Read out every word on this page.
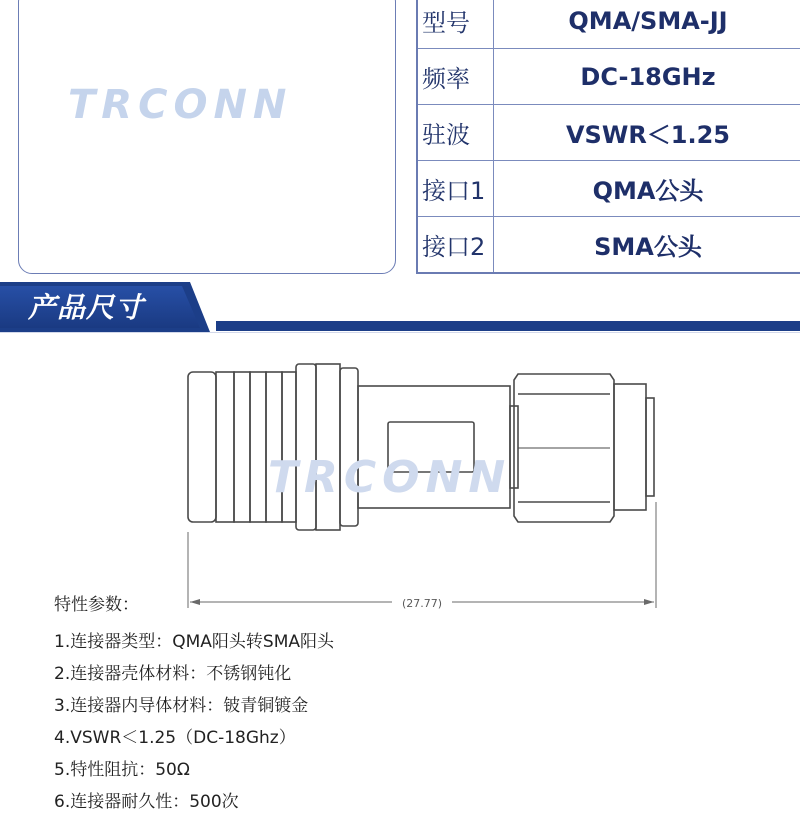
TRCONN
型号	QMA/SMA-JJ
频率	DC-18GHz
驻波	VSWR＜1.25
接口1	QMA公头
接口2	SMA公头
产品尺寸
(27.77)
TRCONN
特性参数：
1.连接器类型：QMA阳头转SMA阳头
2.连接器壳体材料：不锈钢钝化
3.连接器内导体材料：铍青铜镀金
4.VSWR＜1.25（DC-18Ghz）
5.特性阻抗：50Ω
6.连接器耐久性：500次
